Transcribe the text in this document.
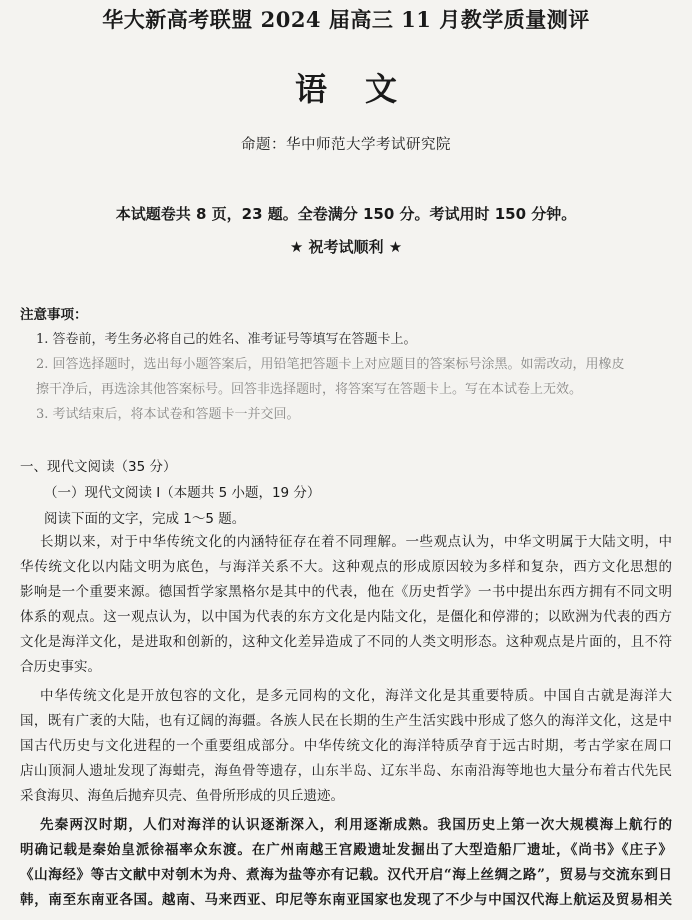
华大新高考联盟 2024 届高三 11 月教学质量测评
语文
命题：华中师范大学考试研究院
本试题卷共 8 页，23 题。全卷满分 150 分。考试用时 150 分钟。
★ 祝考试顺利 ★
注意事项：
1. 答卷前，考生务必将自己的姓名、准考证号等填写在答题卡上。
2. 回答选择题时，选出每小题答案后，用铅笔把答题卡上对应题目的答案标号涂黑。如需改动，用橡皮
擦干净后，再选涂其他答案标号。回答非选择题时，将答案写在答题卡上。写在本试卷上无效。
3. 考试结束后，将本试卷和答题卡一并交回。
一、现代文阅读（35 分）
（一）现代文阅读 Ⅰ（本题共 5 小题，19 分）
阅读下面的文字，完成 1～5 题。
长期以来，对于中华传统文化的内涵特征存在着不同理解。一些观点认为，中华文明属于大陆文明，中
华传统文化以内陆文明为底色，与海洋关系不大。这种观点的形成原因较为多样和复杂，西方文化思想的
影响是一个重要来源。德国哲学家黑格尔是其中的代表，他在《历史哲学》一书中提出东西方拥有不同文明
体系的观点。这一观点认为，以中国为代表的东方文化是内陆文化，是僵化和停滞的；以欧洲为代表的西方
文化是海洋文化，是进取和创新的，这种文化差异造成了不同的人类文明形态。这种观点是片面的，且不符
合历史事实。
中华传统文化是开放包容的文化，是多元同构的文化，海洋文化是其重要特质。中国自古就是海洋大
国，既有广袤的大陆，也有辽阔的海疆。各族人民在长期的生产生活实践中形成了悠久的海洋文化，这是中
国古代历史与文化进程的一个重要组成部分。中华传统文化的海洋特质孕育于远古时期，考古学家在周口
店山顶洞人遗址发现了海蚶壳，海鱼骨等遗存，山东半岛、辽东半岛、东南沿海等地也大量分布着古代先民
采食海贝、海鱼后抛弃贝壳、鱼骨所形成的贝丘遗迹。
先秦两汉时期，人们对海洋的认识逐渐深入，利用逐渐成熟。我国历史上第一次大规模海上航行的
明确记载是秦始皇派徐福率众东渡。在广州南越王宫殿遗址发掘出了大型造船厂遗址，《尚书》《庄子》
《山海经》等古文献中对刳木为舟、煮海为盐等亦有记载。汉代开启“海上丝绸之路”，贸易与交流东到日
韩，南至东南亚各国。越南、马来西亚、印尼等东南亚国家也发现了不少与中国汉代海上航运及贸易相关
